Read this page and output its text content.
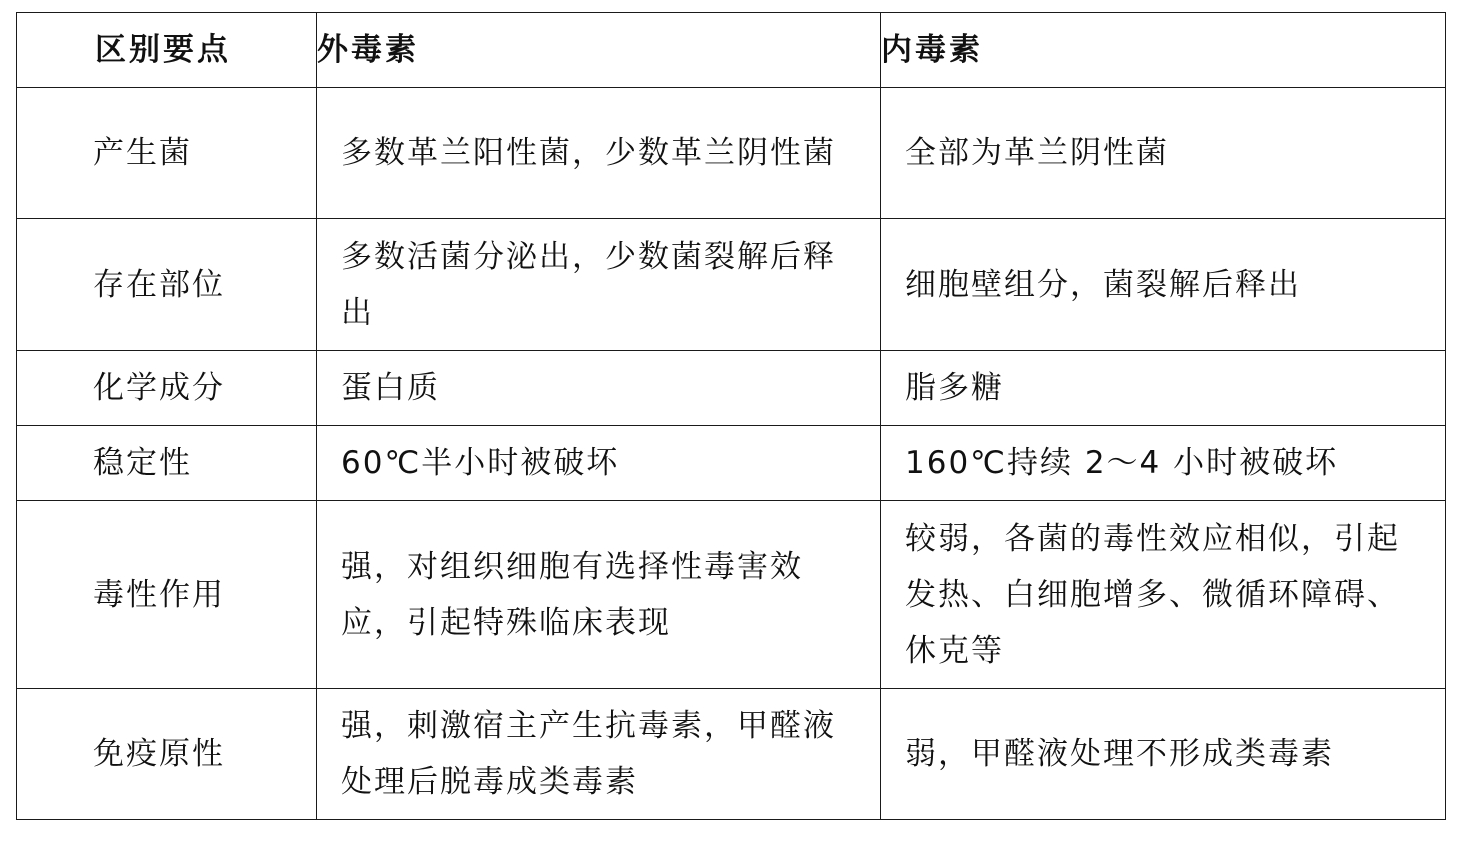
区别要点	外毒素	内毒素
产生菌	多数革兰阳性菌，少数革兰阴性菌	全部为革兰阴性菌
存在部位	多数活菌分泌出，少数菌裂解后释出	细胞壁组分，菌裂解后释出
化学成分	蛋白质	脂多糖
稳定性	60℃半小时被破坏	160℃持续 2～4 小时被破坏
毒性作用	强，对组织细胞有选择性毒害效应，引起特殊临床表现	较弱，各菌的毒性效应相似，引起发热、白细胞增多、微循环障碍、休克等
免疫原性	强，刺激宿主产生抗毒素，甲醛液处理后脱毒成类毒素	弱，甲醛液处理不形成类毒素
